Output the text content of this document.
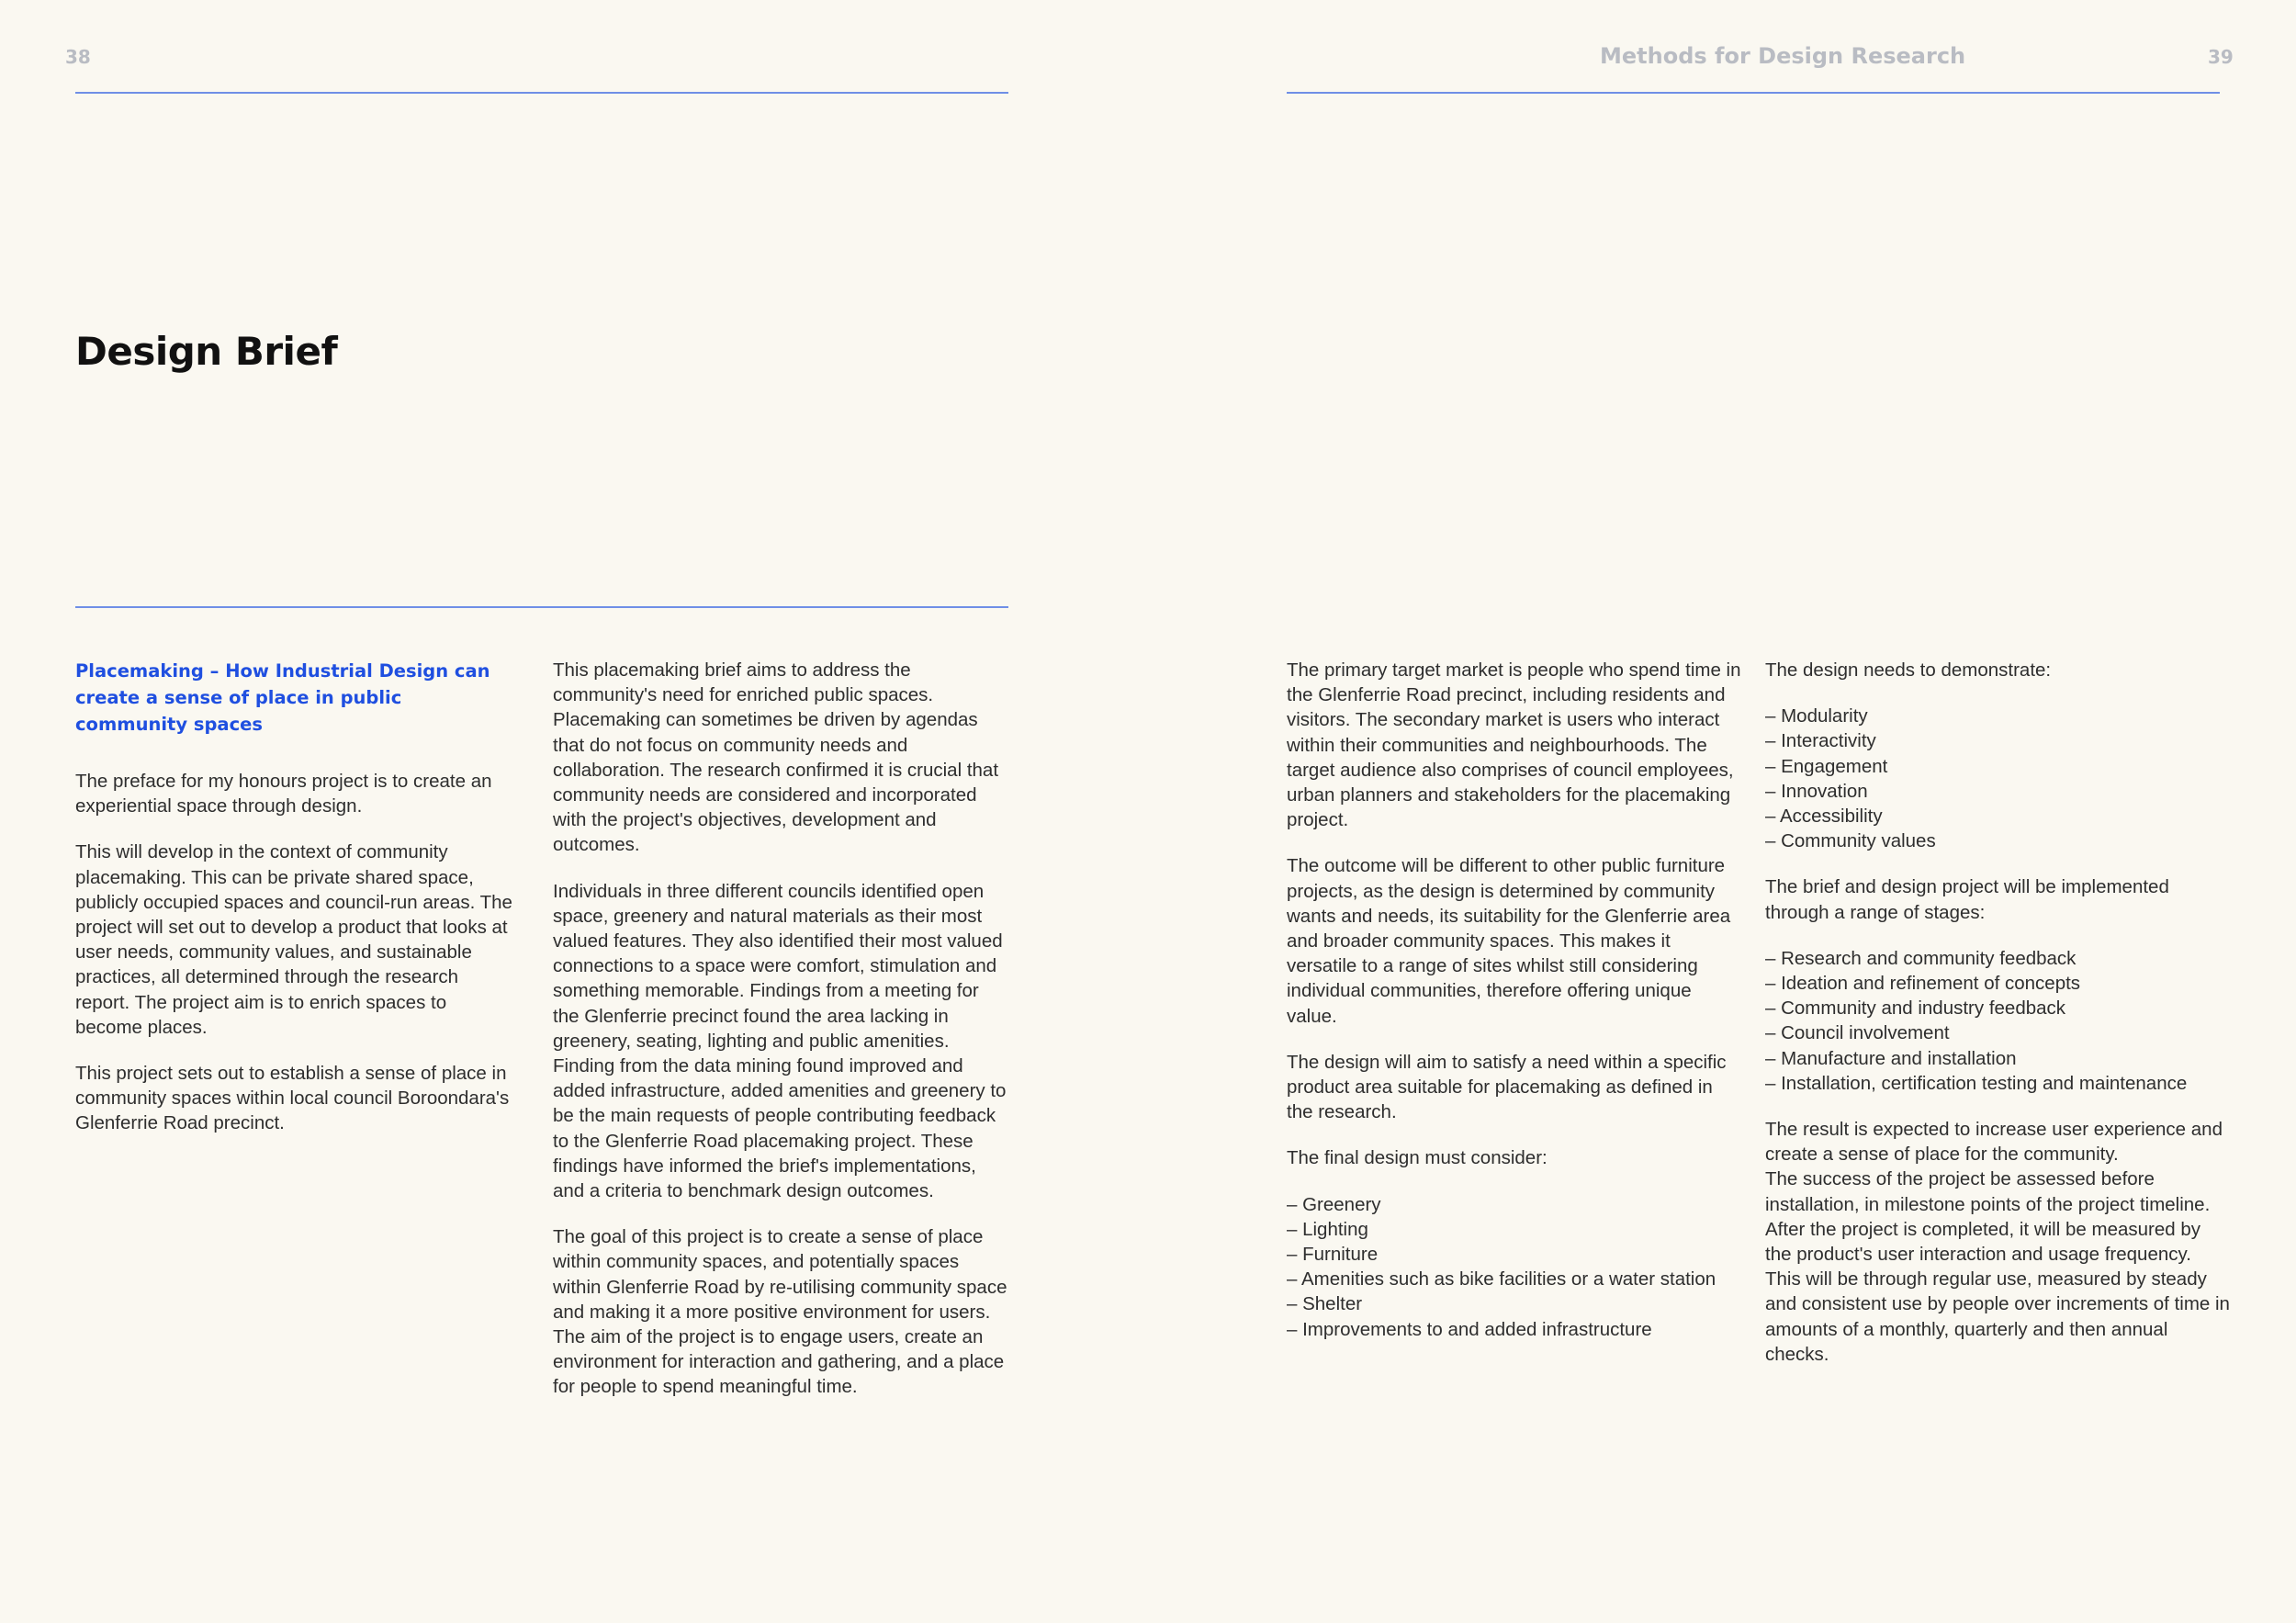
38	Methods for Design Research	39
Design Brief

Placemaking – How Industrial Design can create a sense of place in public community spaces

The preface for my honours project is to create an experiential space through design.

This will develop in the context of community placemaking. This can be private shared space, publicly occupied spaces and council-run areas. The project will set out to develop a product that looks at user needs, community values, and sustainable practices, all determined through the research report. The project aim is to enrich spaces to become places.

This project sets out to establish a sense of place in community spaces within local council Boroondara's Glenferrie Road precinct.

This placemaking brief aims to address the community's need for enriched public spaces. Placemaking can sometimes be driven by agendas that do not focus on community needs and collaboration. The research confirmed it is crucial that community needs are considered and incorporated with the project's objectives, development and outcomes.

Individuals in three different councils identified open space, greenery and natural materials as their most valued features. They also identified their most valued connections to a space were comfort, stimulation and something memorable. Findings from a meeting for the Glenferrie precinct found the area lacking in greenery, seating, lighting and public amenities. Finding from the data mining found improved and added infrastructure, added amenities and greenery to be the main requests of people contributing feedback to the Glenferrie Road placemaking project. These findings have informed the brief's implementations, and a criteria to benchmark design outcomes.

The goal of this project is to create a sense of place within community spaces, and potentially spaces within Glenferrie Road by re-utilising community space and making it a more positive environment for users. The aim of the project is to engage users, create an environment for interaction and gathering, and a place for people to spend meaningful time.

The primary target market is people who spend time in the Glenferrie Road precinct, including residents and visitors. The secondary market is users who interact within their communities and neighbourhoods. The target audience also comprises of council employees, urban planners and stakeholders for the placemaking project.

The outcome will be different to other public furniture projects, as the design is determined by community wants and needs, its suitability for the Glenferrie area and broader community spaces. This makes it versatile to a range of sites whilst still considering individual communities, therefore offering unique value.

The design will aim to satisfy a need within a specific product area suitable for placemaking as defined in the research.

The final design must consider:

– Greenery
– Lighting
– Furniture
– Amenities such as bike facilities or a water station
– Shelter
– Improvements to and added infrastructure

The design needs to demonstrate:

– Modularity
– Interactivity
– Engagement
– Innovation
– Accessibility
– Community values

The brief and design project will be implemented through a range of stages:

– Research and community feedback
– Ideation and refinement of concepts
– Community and industry feedback
– Council involvement
– Manufacture and installation
– Installation, certification testing and maintenance

The result is expected to increase user experience and create a sense of place for the community.

The success of the project be assessed before installation, in milestone points of the project timeline. After the project is completed, it will be measured by the product's user interaction and usage frequency. This will be through regular use, measured by steady and consistent use by people over increments of time in amounts of a monthly, quarterly and then annual checks.
